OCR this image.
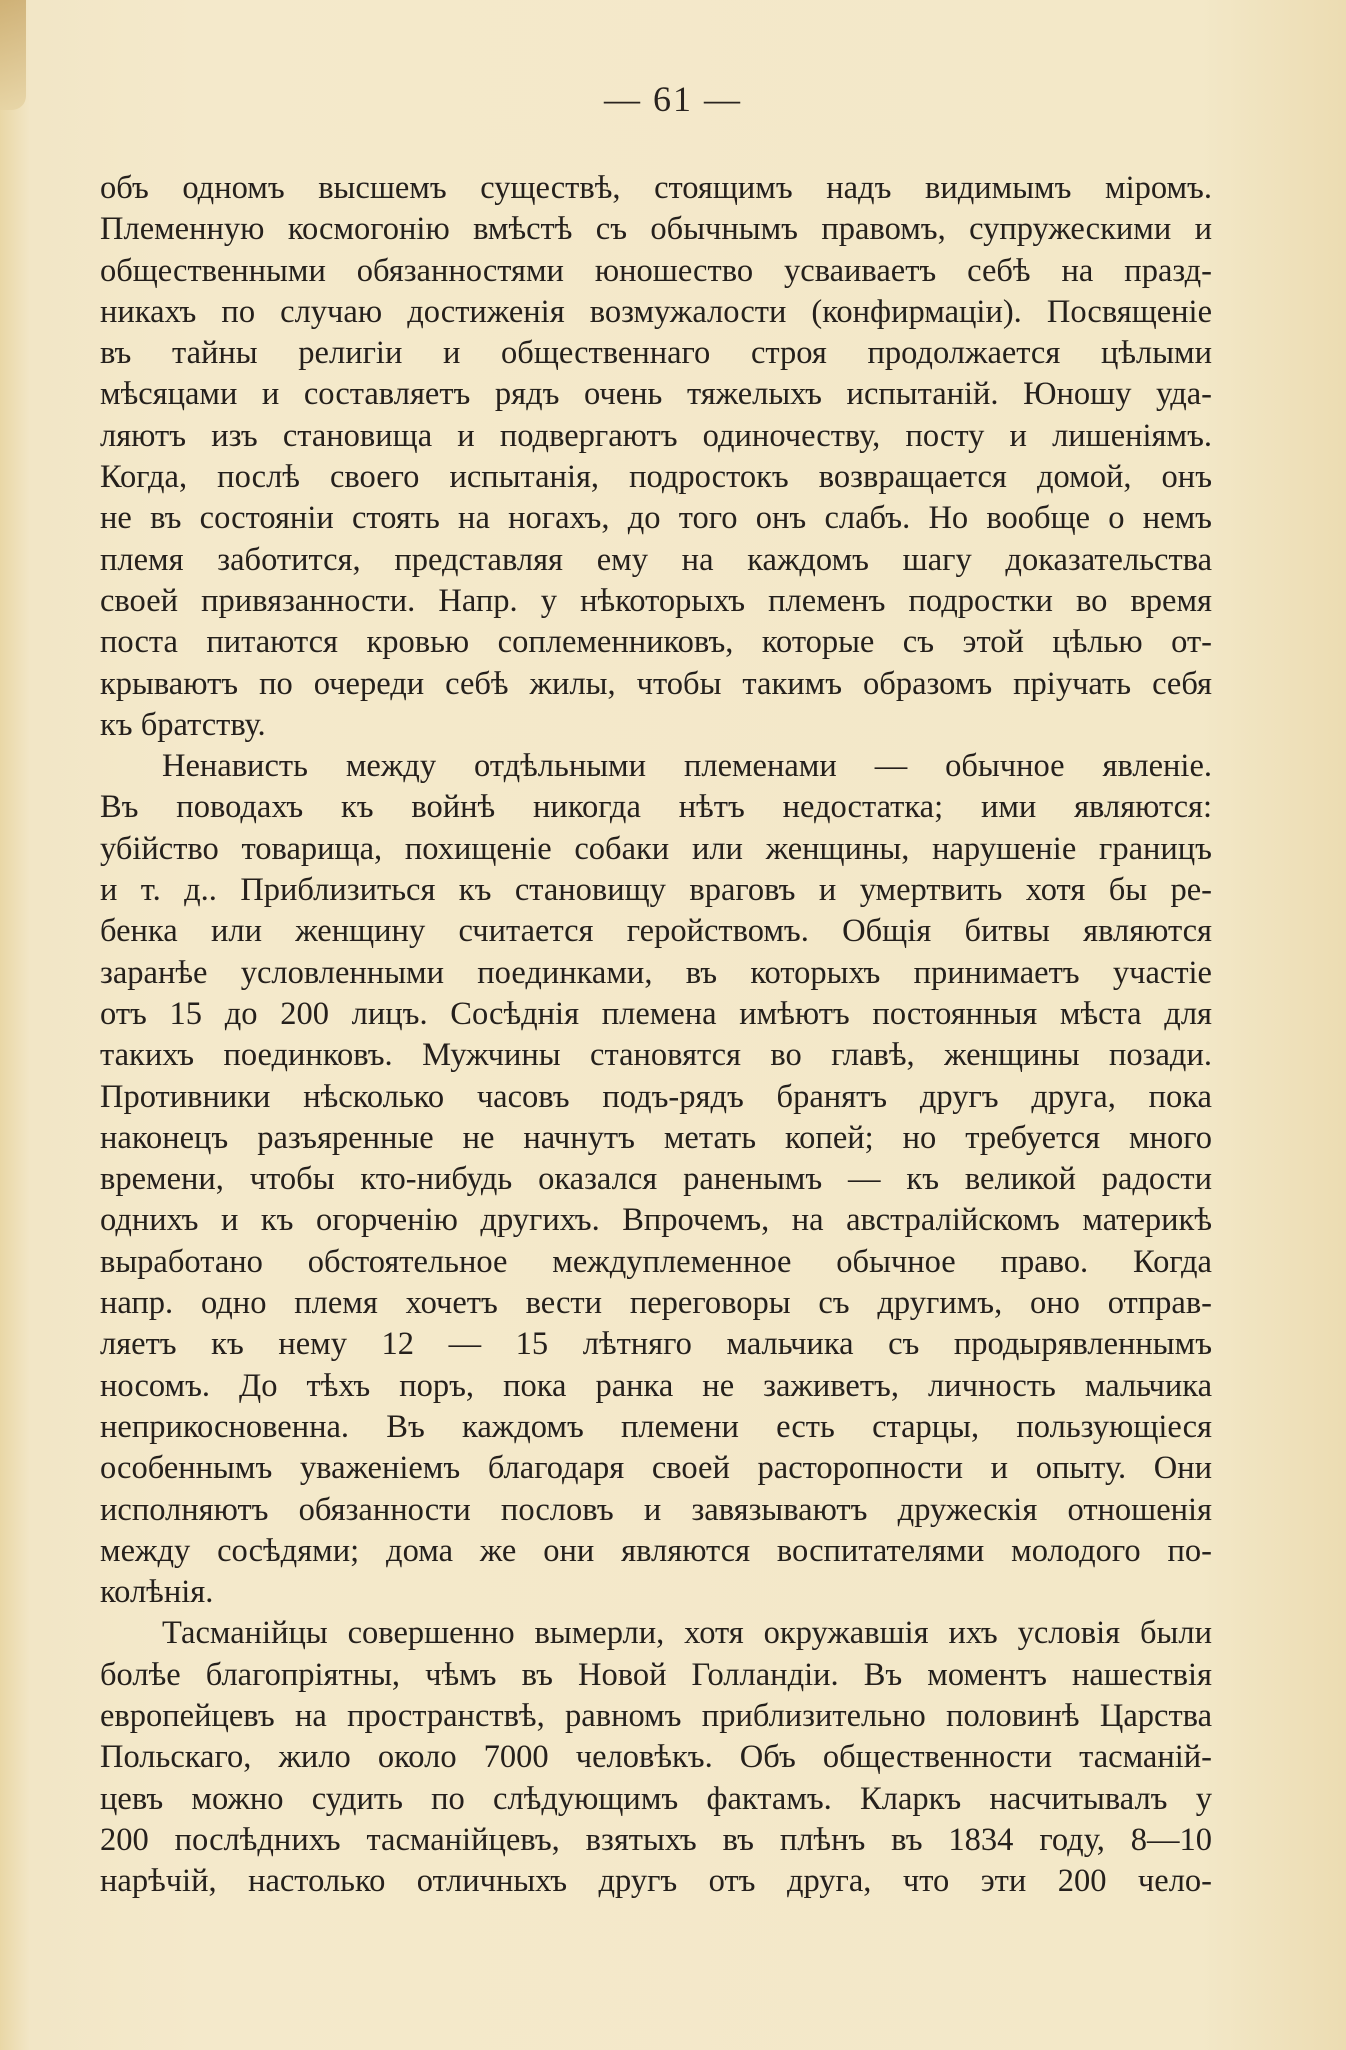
— 61 —
объ одномъ высшемъ существѣ, стоящимъ надъ видимымъ міромъ.
Племенную космогонію вмѣстѣ съ обычнымъ правомъ, супружескими и
общественными обязанностями юношество усваиваетъ себѣ на празд-
никахъ по случаю достиженія возмужалости (конфирмаціи). Посвященіе
въ тайны религіи и общественнаго строя продолжается цѣлыми
мѣсяцами и составляетъ рядъ очень тяжелыхъ испытаній. Юношу уда-
ляютъ изъ становища и подвергаютъ одиночеству, посту и лишеніямъ.
Когда, послѣ своего испытанія, подростокъ возвращается домой, онъ
не въ состояніи стоять на ногахъ, до того онъ слабъ. Но вообще о немъ
племя заботится, представляя ему на каждомъ шагу доказательства
своей привязанности. Напр. у нѣкоторыхъ племенъ подростки во время
поста питаются кровью соплеменниковъ, которые съ этой цѣлью от-
крываютъ по очереди себѣ жилы, чтобы такимъ образомъ пріучать себя
къ братству.
Ненависть между отдѣльными племенами — обычное явленіе.
Въ поводахъ къ войнѣ никогда нѣтъ недостатка; ими являются:
убійство товарища, похищеніе собаки или женщины, нарушеніе границъ
и т. д.. Приблизиться къ становищу враговъ и умертвить хотя бы ре-
бенка или женщину считается геройствомъ. Общія битвы являются
заранѣе условленными поединками, въ которыхъ принимаетъ участіе
отъ 15 до 200 лицъ. Сосѣднія племена имѣютъ постоянныя мѣста для
такихъ поединковъ. Мужчины становятся во главѣ, женщины позади.
Противники нѣсколько часовъ подъ-рядъ бранятъ другъ друга, пока
наконецъ разъяренные не начнутъ метать копей; но требуется много
времени, чтобы кто-нибудь оказался раненымъ — къ великой радости
однихъ и къ огорченію другихъ. Впрочемъ, на австралійскомъ материкѣ
выработано обстоятельное междуплеменное обычное право. Когда
напр. одно племя хочетъ вести переговоры съ другимъ, оно отправ-
ляетъ къ нему 12 — 15 лѣтняго мальчика съ продырявленнымъ
носомъ. До тѣхъ поръ, пока ранка не заживетъ, личность мальчика
неприкосновенна. Въ каждомъ племени есть старцы, пользующіеся
особеннымъ уваженіемъ благодаря своей расторопности и опыту. Они
исполняютъ обязанности пословъ и завязываютъ дружескія отношенія
между сосѣдями; дома же они являются воспитателями молодого по-
колѣнія.
Тасманійцы совершенно вымерли, хотя окружавшія ихъ условія были
болѣе благопріятны, чѣмъ въ Новой Голландіи. Въ моментъ нашествія
европейцевъ на пространствѣ, равномъ приблизительно половинѣ Царства
Польскаго, жило около 7000 человѣкъ. Объ общественности тасманій-
цевъ можно судить по слѣдующимъ фактамъ. Кларкъ насчитывалъ у
200 послѣднихъ тасманійцевъ, взятыхъ въ плѣнъ въ 1834 году, 8—10
нарѣчій, настолько отличныхъ другъ отъ друга, что эти 200 чело-
